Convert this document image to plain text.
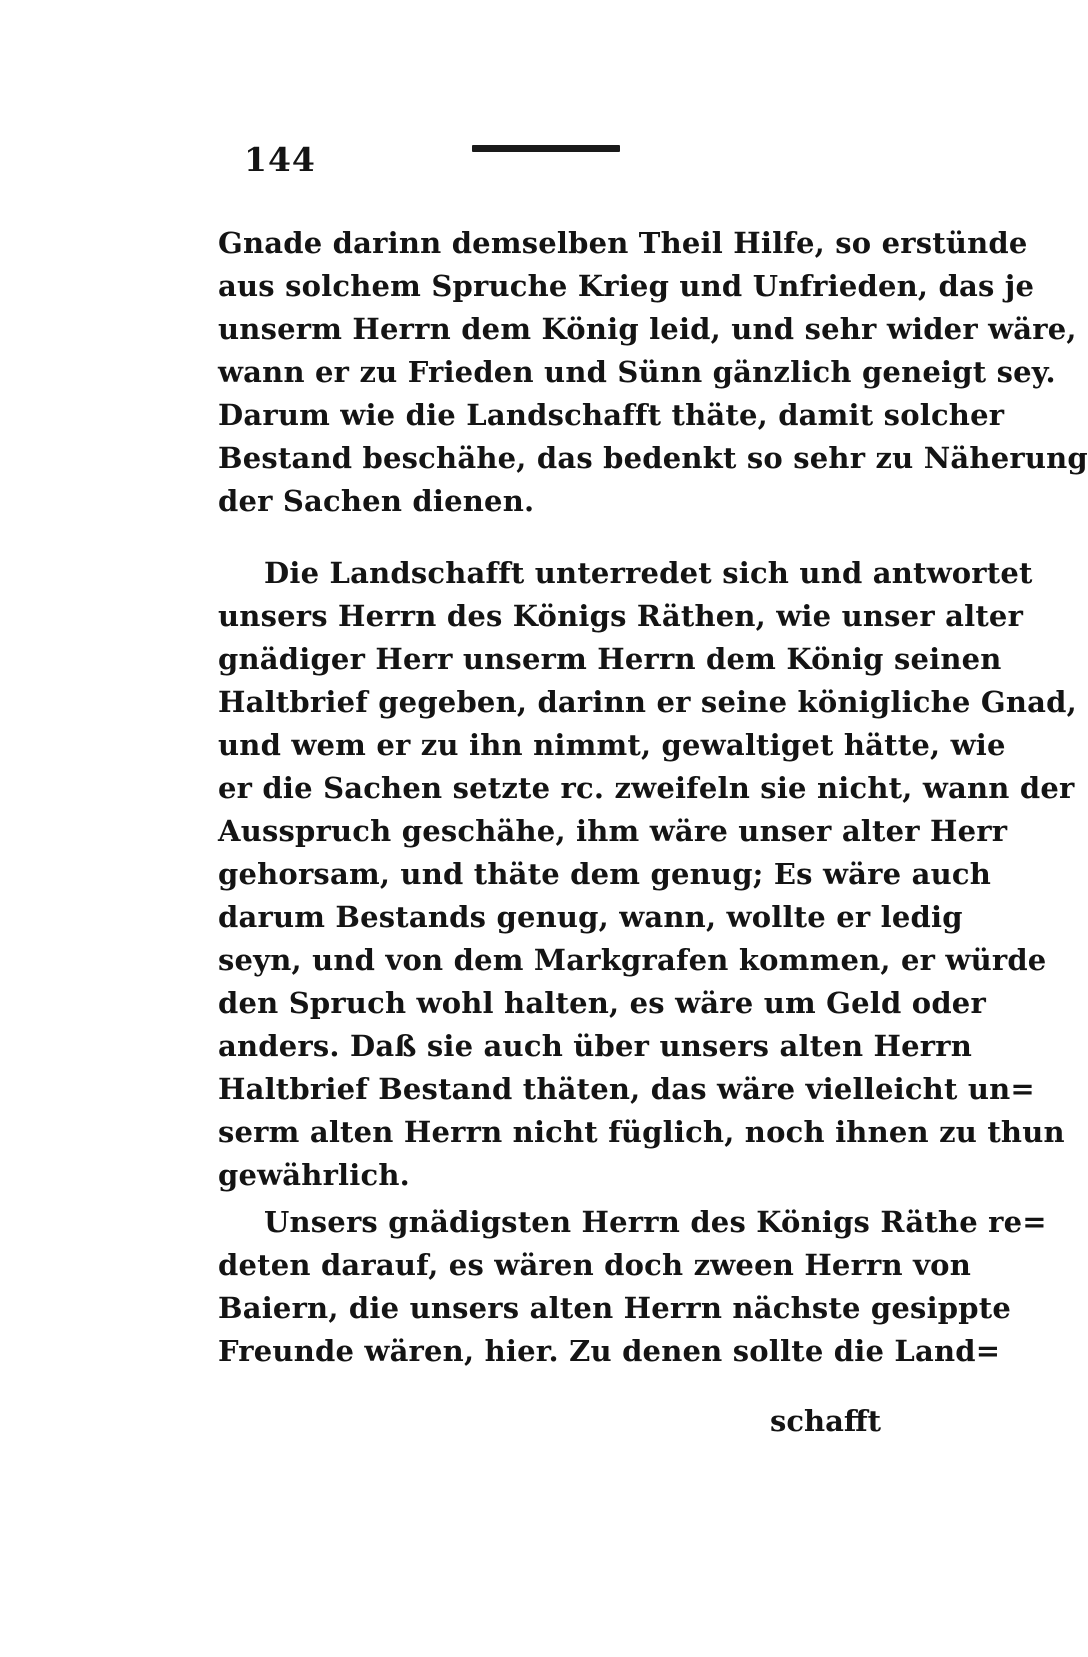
144
Gnade darinn demselben Theil Hilfe, so erstünde
aus solchem Spruche Krieg und Unfrieden, das je
unserm Herrn dem König leid, und sehr wider wäre,
wann er zu Frieden und Sünn gänzlich geneigt sey.
Darum wie die Landschafft thäte, damit solcher
Bestand beschähe, das bedenkt so sehr zu Näherung
der Sachen dienen.
Die Landschafft unterredet sich und antwortet
unsers Herrn des Königs Räthen, wie unser alter
gnädiger Herr unserm Herrn dem König seinen
Haltbrief gegeben, darinn er seine königliche Gnad,
und wem er zu ihn nimmt, gewaltiget hätte, wie
er die Sachen setzte rc. zweifeln sie nicht, wann der
Ausspruch geschähe, ihm wäre unser alter Herr
gehorsam, und thäte dem genug; Es wäre auch
darum Bestands genug, wann, wollte er ledig
seyn, und von dem Markgrafen kommen, er würde
den Spruch wohl halten, es wäre um Geld oder
anders. Daß sie auch über unsers alten Herrn
Haltbrief Bestand thäten, das wäre vielleicht un=
serm alten Herrn nicht füglich, noch ihnen zu thun
gewährlich.
Unsers gnädigsten Herrn des Königs Räthe re=
deten darauf, es wären doch zween Herrn von
Baiern, die unsers alten Herrn nächste gesippte
Freunde wären, hier. Zu denen sollte die Land=
schafft
